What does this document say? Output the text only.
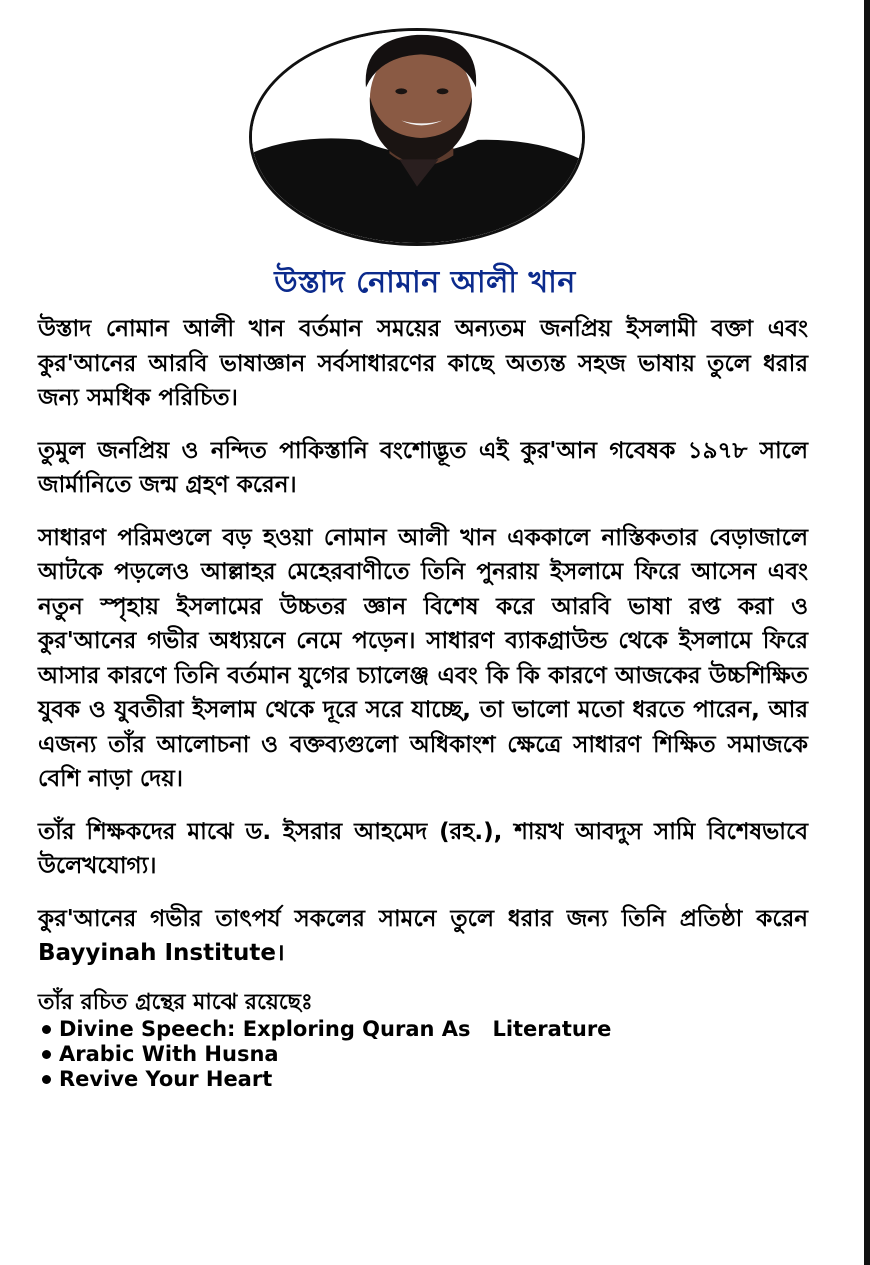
উস্তাদ নোমান আলী খান

উস্তাদ নোমান আলী খান বর্তমান সময়ের অন্যতম জনপ্রিয় ইসলামী বক্তা এবং কুর'আনের আরবি ভাষাজ্ঞান সর্বসাধারণের কাছে অত্যন্ত সহজ ভাষায় তুলে ধরার জন্য সমধিক পরিচিত।

তুমুল জনপ্রিয় ও নন্দিত পাকিস্তানি বংশোদ্ভূত এই কুর'আন গবেষক ১৯৭৮ সালে জার্মানিতে জন্ম গ্রহণ করেন।

সাধারণ পরিমণ্ডলে বড় হওয়া নোমান আলী খান এককালে নাস্তিকতার বেড়াজালে আটকে পড়লেও আল্লাহর মেহেরবাণীতে তিনি পুনরায় ইসলামে ফিরে আসেন এবং নতুন স্পৃহায় ইসলামের উচ্চতর জ্ঞান বিশেষ করে আরবি ভাষা রপ্ত করা ও কুর'আনের গভীর অধ্যয়নে নেমে পড়েন। সাধারণ ব্যাকগ্রাউন্ড থেকে ইসলামে ফিরে আসার কারণে তিনি বর্তমান যুগের চ্যালেঞ্জ এবং কি কি কারণে আজকের উচ্চশিক্ষিত যুবক ও যুবতীরা ইসলাম থেকে দূরে সরে যাচ্ছে, তা ভালো মতো ধরতে পারেন, আর এজন্য তাঁর আলোচনা ও বক্তব্যগুলো অধিকাংশ ক্ষেত্রে সাধারণ শিক্ষিত সমাজকে বেশি নাড়া দেয়।

তাঁর শিক্ষকদের মাঝে ড. ইসরার আহমেদ (রহ.), শায়খ আবদুস সামি বিশেষভাবে উলেখযোগ্য।

কুর'আনের গভীর তাৎপর্য সকলের সামনে তুলে ধরার জন্য তিনি প্রতিষ্ঠা করেন Bayyinah Institute।

তাঁর রচিত গ্রন্থের মাঝে রয়েছেঃ

Divine Speech: Exploring Quran As   Literature
Arabic With Husna
Revive Your Heart
